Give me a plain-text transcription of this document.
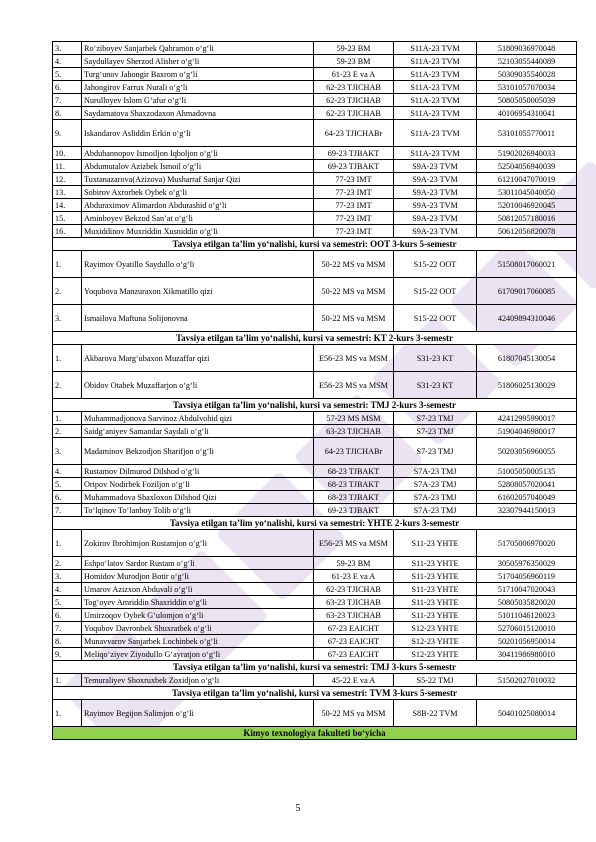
3.	Roʻziboyev Sanjarbek Qahramon oʻgʻli	59-23 BM	S11A-23 TVM	51809036970048
4.	Saydullayev Sherzod Alisher oʻgʻli	59-23 BM	S11A-23 TVM	52103055440089
5.	Turgʻunov Jahongir Baxrom oʻgʻli	61-23 E va A	S11A-23 TVM	50309035540028
6.	Jahongirov Farrux Nurali oʻgʻli	62-23 TJICHAB	S11A-23 TVM	53101057070034
7.	Nurulloyev Islom Gʻafur oʻgʻli	62-23 TJICHAB	S11A-23 TVM	50805050005039
8.	Saydamatova Shaxzodaxon Ahmadovna	62-23 TJICHAB	S11A-23 TVM	40106954310041
9.	Iskandarov Asliddin Erkin oʻgʻli	64-23 TJICHABr	S11A-23 TVM	53101055770011
10.	Abdubannopov Ismoiljon Iqboljon oʻgʻli	69-23 TJBAKT	S11A-23 TVM	51902026940033
11.	Abdumutalov Azizbek Ismoil oʻgʻli	69-23 TJBAKT	S9A-23 TVM	52504056940039
12.	Tuxtanazarova(Azizova) Musharraf Sanjar Qizi	77-23 IMT	S9A-23 TVM	61210047070019
13.	Sobirov Axrorbek Oybek oʻgʻli	77-23 IMT	S9A-23 TVM	53011045040050
14.	Abduraximov Alimardon Abdurashid oʻgʻli	77-23 IMT	S9A-23 TVM	52010046920045
15.	Aminboyev Bekzod Sanʼat oʻgʻli	77-23 IMT	S9A-23 TVM	50812057180016
16.	Muxiddinov Muxriddin Xusniddin oʻgʻli	77-23 IMT	S9A-23 TVM	50612056820078
Tavsiya etilgan taʼlim yoʻnalishi, kursi va semestri: OOT 3-kurs 5-semestr				
1.	Rayimov Oyatillo Saydullo oʻgʻli	50-22 MS va MSM	S15-22 OOT	51508017060021
2.	Yoqubova Manzuraxon Xikmatillo qizi	50-22 MS va MSM	S15-22 OOT	61709017060085
3.	Ismailova Maftuna Solijonovna	50-22 MS va MSM	S15-22 OOT	42409894310046
Tavsiya etilgan taʼlim yoʻnalishi, kursi va semestri: KT 2-kurs 3-semestr				
1.	Akbarova Margʻubaxon Muzaffar qizi	E56-23 MS va MSM	S31-23 KT	61807045130054
2.	Obidov Otabek Muzaffarjon oʻgʻli	E56-23 MS va MSM	S31-23 KT	51806025130029
Tavsiya etilgan taʼlim yoʻnalishi, kursi va semestri: TMJ 2-kurs 3-semestr				
1.	Muhammadjonova Sarvinoz Abdulvohid qizi	57-23 MS MSM	S7-23 TMJ	42412995990017
2.	Saidgʻaniyev Samandar Saydali oʻgʻli	63-23 TJICHAB	S7-23 TMJ	51904046980017
3.	Madaminov Bekzodjon Sharifjon oʻgʻli	64-23 TJICHABr	S7-23 TMJ	50203056960055
4.	Rustamov Dilmurod Dilshod oʻgʻli	68-23 TJBAKT	S7A-23 TMJ	51005050005135
5.	Oripov Nodirbek Foziljon oʻgʻli	68-23 TJBAKT	S7A-23 TMJ	52808057020041
6.	Muhammadova Shaxloxon Dilshod Qizi	68-23 TJBAKT	S7A-23 TMJ	61602057040049
7.	Toʻlqinov Toʻlanboy Tolib oʻgʻli	69-23 TJBAKT	S7A-23 TMJ	32307944150013
Tavsiya etilgan taʼlim yoʻnalishi, kursi va semestri: YHTE 2-kurs 3-semestr				
1.	Zokirov Ibrohimjon Rustamjon oʻgʻli	E56-23 MS va MSM	S11-23 YHTE	51705006970020
2.	Eshpoʻlatov Sardor Rustam oʻgʻli	59-23 BM	S11-23 YHTE	30505976350029
3.	Homidov Murodjon Botir oʻgʻli	61-23 E va A	S11-23 YHTE	51704056960119
4.	Umarov Azizxon Abduvali oʻgʻli	62-23 TJICHAB	S11-23 YHTE	51710047020043
5.	Togʻoyev Amriddin Shaxriddin oʻgʻli	63-23 TJICHAB	S11-23 YHTE	50805035820020
6.	Umirzoqov Oybek Gʻulomjon oʻgʻli	63-23 TJICHAB	S11-23 YHTE	51011046120023
7.	Yoqubov Davronbek Shuxratbek oʻgʻli	67-23 EAICHT	S12-23 YHTE	52706015120010
8.	Munavvarov Sanjarbek Lochinbek oʻgʻli	67-23 EAICHT	S12-23 YHTE	50201056950014
9.	Meliqoʻziyev Ziyodullo Gʻayratjon oʻgʻli	67-23 EAICHT	S12-23 YHTE	30411986980010
Tavsiya etilgan taʼlim yoʻnalishi, kursi va semestri: TMJ 3-kurs 5-semestr				
1.	Temuraliyev Shoxruxbek Zoxidjon oʻgʻli	45-22 E va A	S5-22 TMJ	51502027010032
Tavsiya etilgan taʼlim yoʻnalishi, kursi va semestri: TVM 3-kurs 5-semestr				
1.	Rayimov Begijon Salimjon oʻgʻli	50-22 MS va MSM	S8B-22 TVM	50401025080014
Kimyo texnologiya fakulteti boʻyicha				
5
